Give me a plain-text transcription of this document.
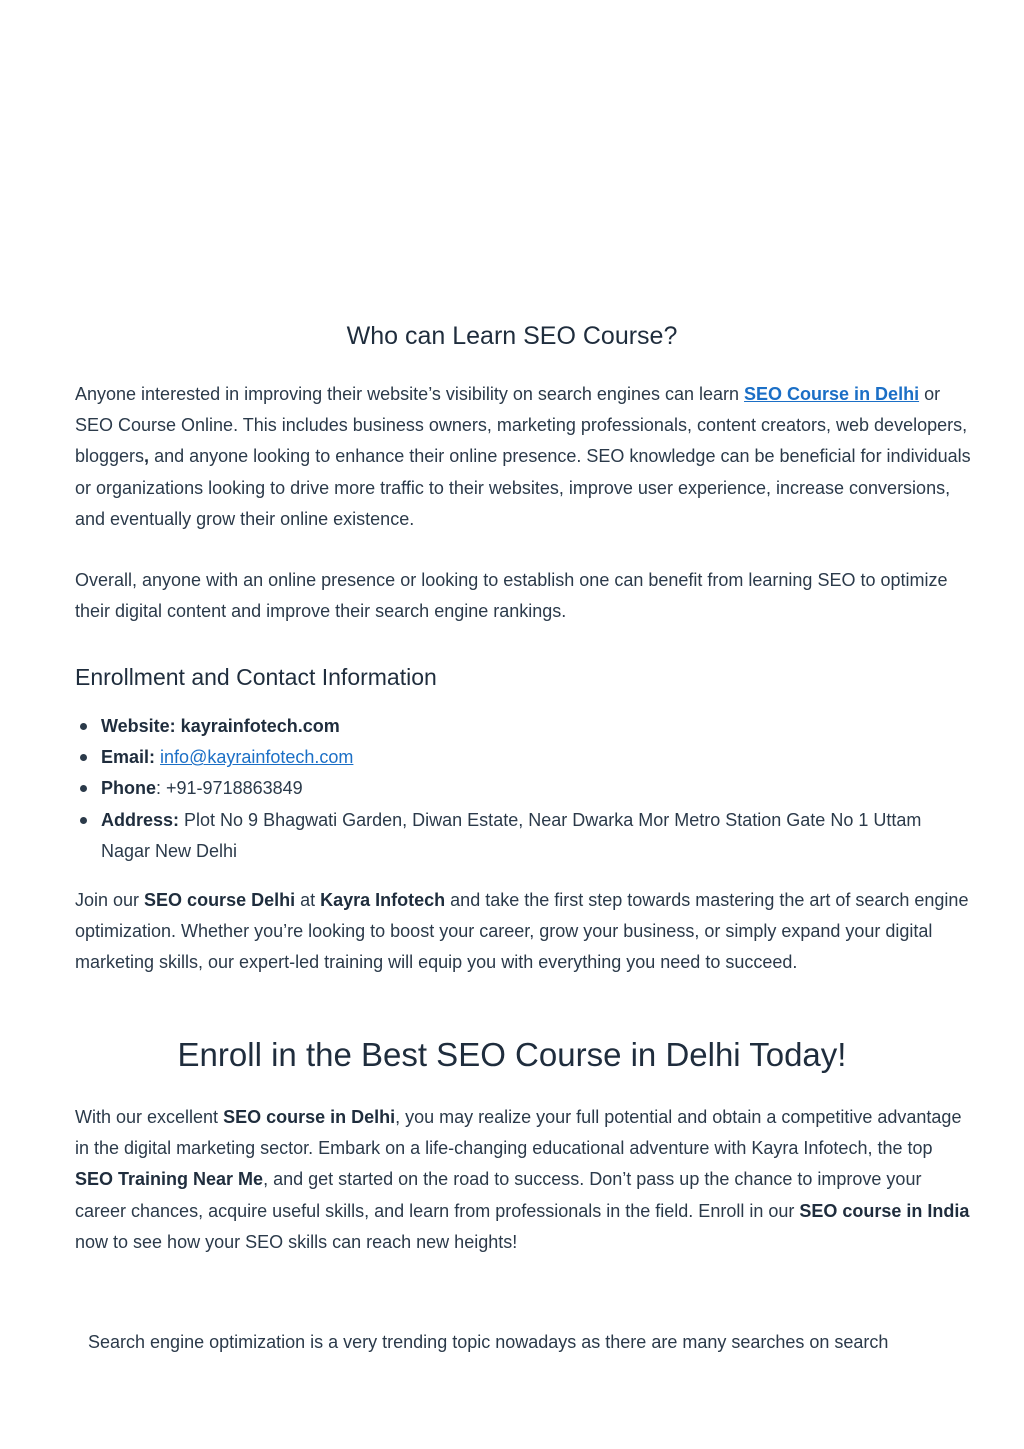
Who can Learn SEO Course?

Anyone interested in improving their website’s visibility on search engines can learn SEO Course in Delhi or SEO Course Online. This includes business owners, marketing professionals, content creators, web developers, bloggers, and anyone looking to enhance their online presence. SEO knowledge can be beneficial for individuals or organizations looking to drive more traffic to their websites, improve user experience, increase conversions, and eventually grow their online existence.

Overall, anyone with an online presence or looking to establish one can benefit from learning SEO to optimize their digital content and improve their search engine rankings.

Enrollment and Contact Information
Website: kayrainfotech.com
Email: info@kayrainfotech.com
Phone: +91-9718863849
Address: Plot No 9 Bhagwati Garden, Diwan Estate, Near Dwarka Mor Metro Station Gate No 1 Uttam Nagar New Delhi

Join our SEO course Delhi at Kayra Infotech and take the first step towards mastering the art of search engine optimization. Whether you’re looking to boost your career, grow your business, or simply expand your digital marketing skills, our expert-led training will equip you with everything you need to succeed.

Enroll in the Best SEO Course in Delhi Today!

With our excellent SEO course in Delhi, you may realize your full potential and obtain a competitive advantage in the digital marketing sector. Embark on a life-changing educational adventure with Kayra Infotech, the top SEO Training Near Me, and get started on the road to success. Don’t pass up the chance to improve your career chances, acquire useful skills, and learn from professionals in the field. Enroll in our SEO course in India now to see how your SEO skills can reach new heights!

Search engine optimization is a very trending topic nowadays as there are many searches on search
